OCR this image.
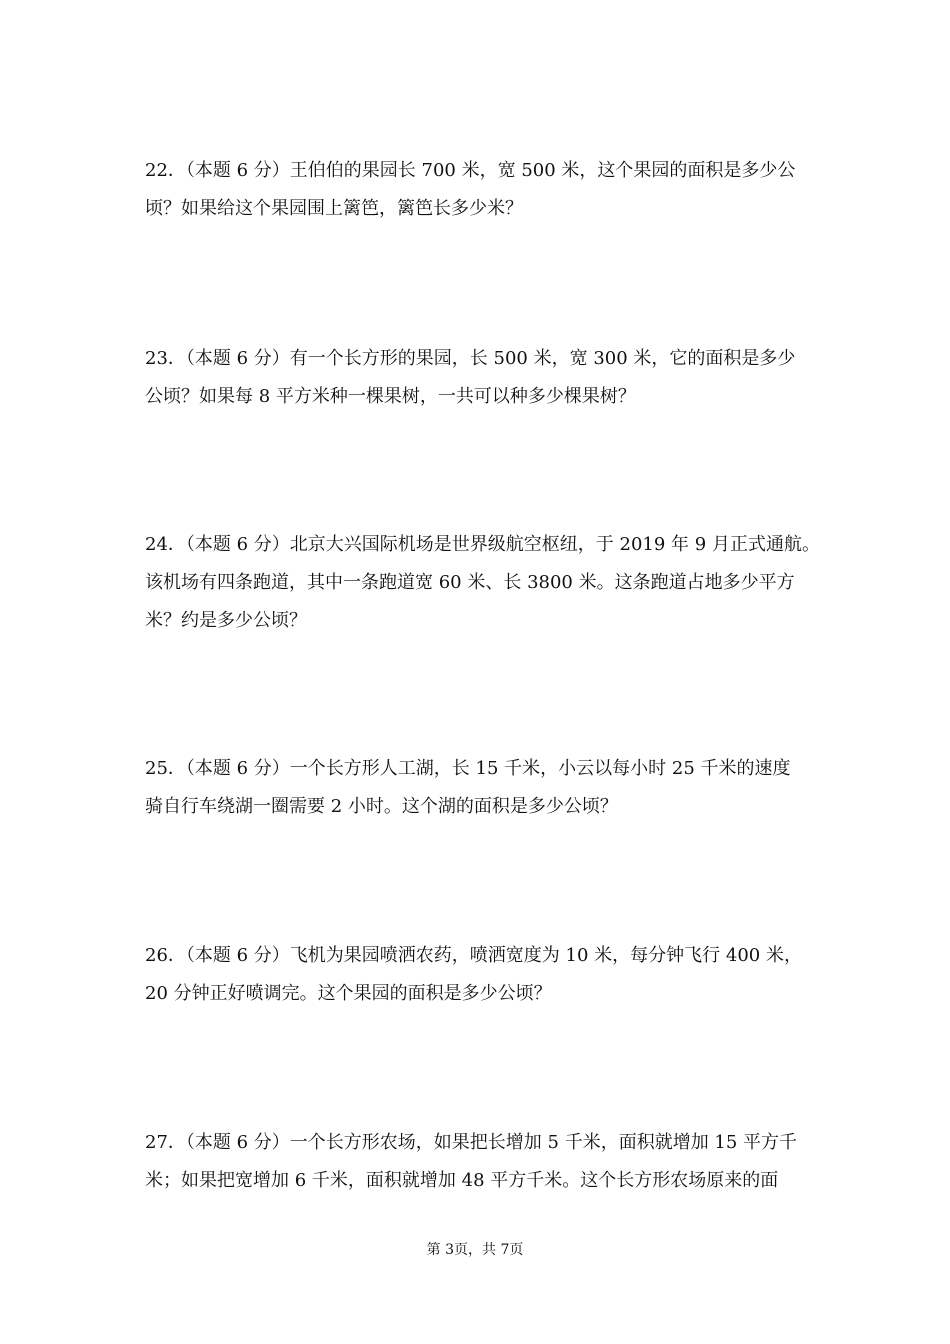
22．（本题 6 分）王伯伯的果园长 700 米，宽 500 米，这个果园的面积是多少公
顷？如果给这个果园围上篱笆，篱笆长多少米？
23．（本题 6 分）有一个长方形的果园，长 500 米，宽 300 米，它的面积是多少
公顷？如果每 8 平方米种一棵果树，一共可以种多少棵果树？
24．（本题 6 分）北京大兴国际机场是世界级航空枢纽，于 2019 年 9 月正式通航。
该机场有四条跑道，其中一条跑道宽 60 米、长 3800 米。这条跑道占地多少平方
米？约是多少公顷？
25．（本题 6 分）一个长方形人工湖，长 15 千米，小云以每小时 25 千米的速度
骑自行车绕湖一圈需要 2 小时。这个湖的面积是多少公顷？
26．（本题 6 分）飞机为果园喷洒农药，喷洒宽度为 10 米，每分钟飞行 400 米，
20 分钟正好喷调完。这个果园的面积是多少公顷？
27．（本题 6 分）一个长方形农场，如果把长增加 5 千米，面积就增加 15 平方千
米；如果把宽增加 6 千米，面积就增加 48 平方千米。这个长方形农场原来的面
第 3页，共 7页
